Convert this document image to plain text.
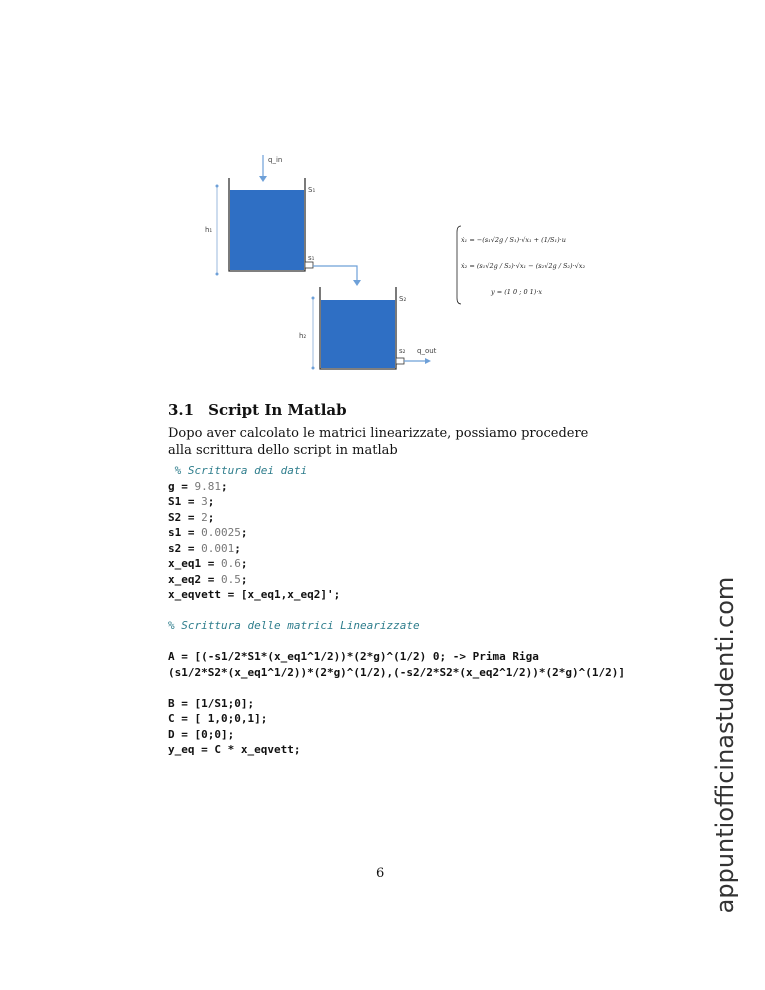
q_in
h₁
S₁
s₁
h₂
S₂
s₂ q_out
ẋ₁ = −(s₁√2g / S₁)·√x₁ + (1/S₁)·u
ẋ₂ = (s₁√2g / S₂)·√x₁ − (s₂√2g / S₂)·√x₂
y = (1 0 ; 0 1)·x
3.1 Script In Matlab
Dopo aver calcolato le matrici linearizzate, possiamo procedere alla scrittura dello script in matlab
% Scrittura dei dati
g = 9.81;
S1 = 3;
S2 = 2;
s1 = 0.0025;
s2 = 0.001;
x_eq1 = 0.6;
x_eq2 = 0.5;
x_eqvett = [x_eq1,x_eq2]';
% Scrittura delle matrici Linearizzate
A = [(-s1/2*S1*(x_eq1^1/2))*(2*g)^(1/2) 0; -> Prima Riga
(s1/2*S2*(x_eq1^1/2))*(2*g)^(1/2),(-s2/2*S2*(x_eq2^1/2))*(2*g)^(1/2)]
B = [1/S1;0];
C = [ 1,0;0,1];
D = [0;0];
y_eq = C * x_eqvett;
6	appuntiofficinastudenti.com
